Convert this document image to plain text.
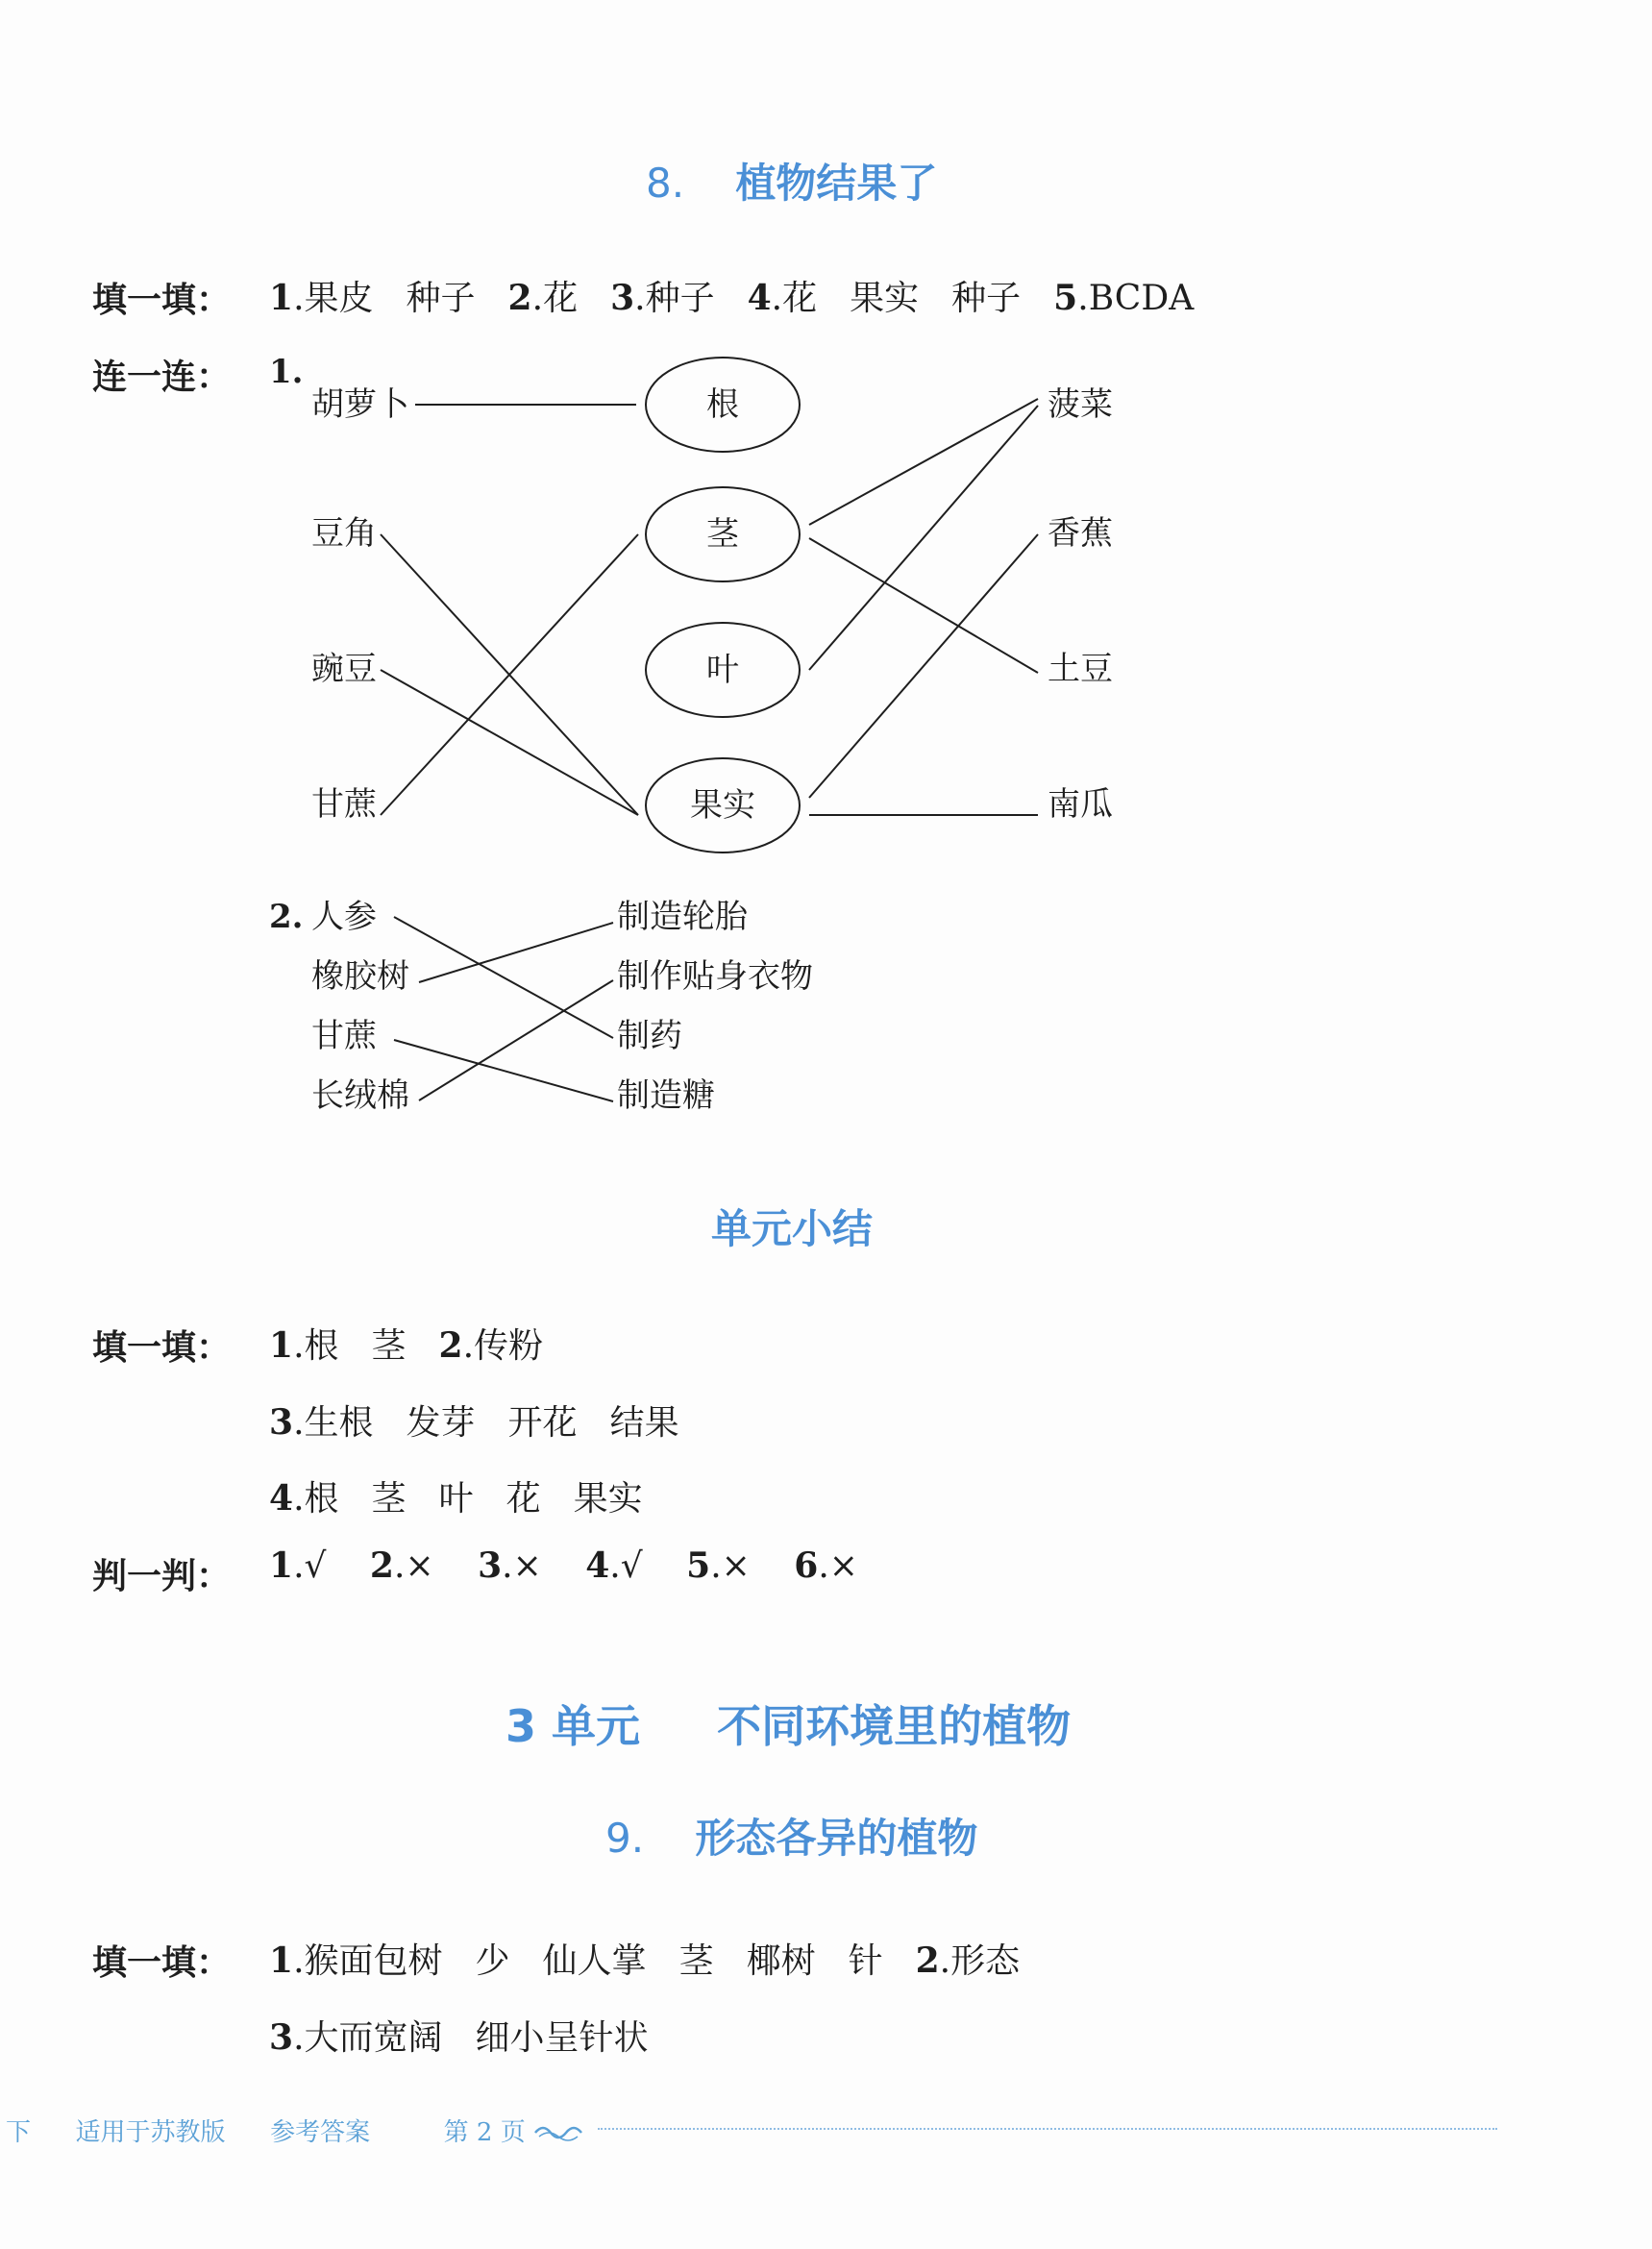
8. 植物结果了
填一填： 1.果皮 种子 2.花 3.种子 4.花 果实 种子 5.BCDA
连一连： 1.
胡萝卜
豆角
豌豆
甘蔗
根
茎
叶
果实
菠菜
香蕉
土豆
南瓜
2. 人参
橡胶树
甘蔗
长绒棉
制造轮胎
制作贴身衣物
制药
制造糖
单元小结
填一填： 1.根 茎 2.传粉
3.生根 发芽 开花 结果
4.根 茎 叶 花 果实
判一判： 1.√ 2.× 3.× 4.√ 5.× 6.×
3 单元 不同环境里的植物
9. 形态各异的植物
填一填： 1.猴面包树 少 仙人掌 茎 椰树 针 2.形态
3.大而宽阔 细小呈针状
下 适用于苏教版 参考答案	第 2 页
